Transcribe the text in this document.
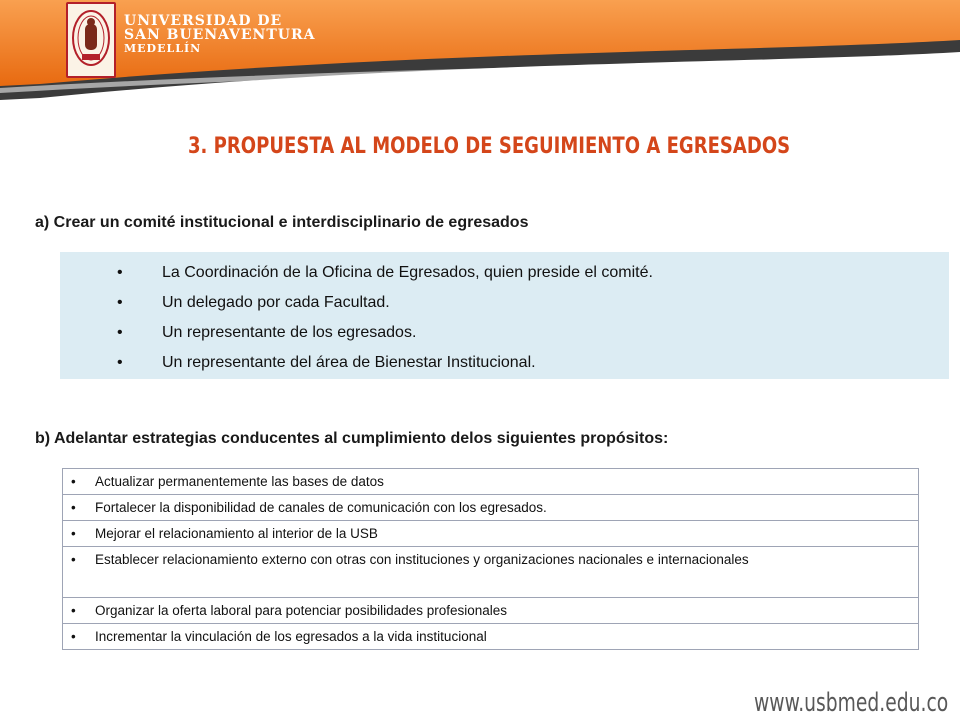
UNIVERSIDAD DE
SAN BUENAVENTURA
MEDELLÍN
3. PROPUESTA AL MODELO DE SEGUIMIENTO A EGRESADOS
a) Crear un comité institucional e interdisciplinario de egresados
• La Coordinación de la Oficina de Egresados, quien preside el comité.
• Un delegado por cada Facultad.
• Un representante de los egresados.
• Un representante del área de Bienestar Institucional.
b) Adelantar estrategias conducentes al cumplimiento delos siguientes propósitos:
•	Actualizar permanentemente las bases de datos
•	Fortalecer la disponibilidad de canales de comunicación con los egresados.
•	Mejorar el relacionamiento al interior de la USB
•	Establecer relacionamiento externo con otras con instituciones y organizaciones nacionales e internacionales
•	Organizar la oferta laboral para potenciar posibilidades profesionales
•	Incrementar la vinculación de los egresados a la vida institucional
www.usbmed.edu.co
